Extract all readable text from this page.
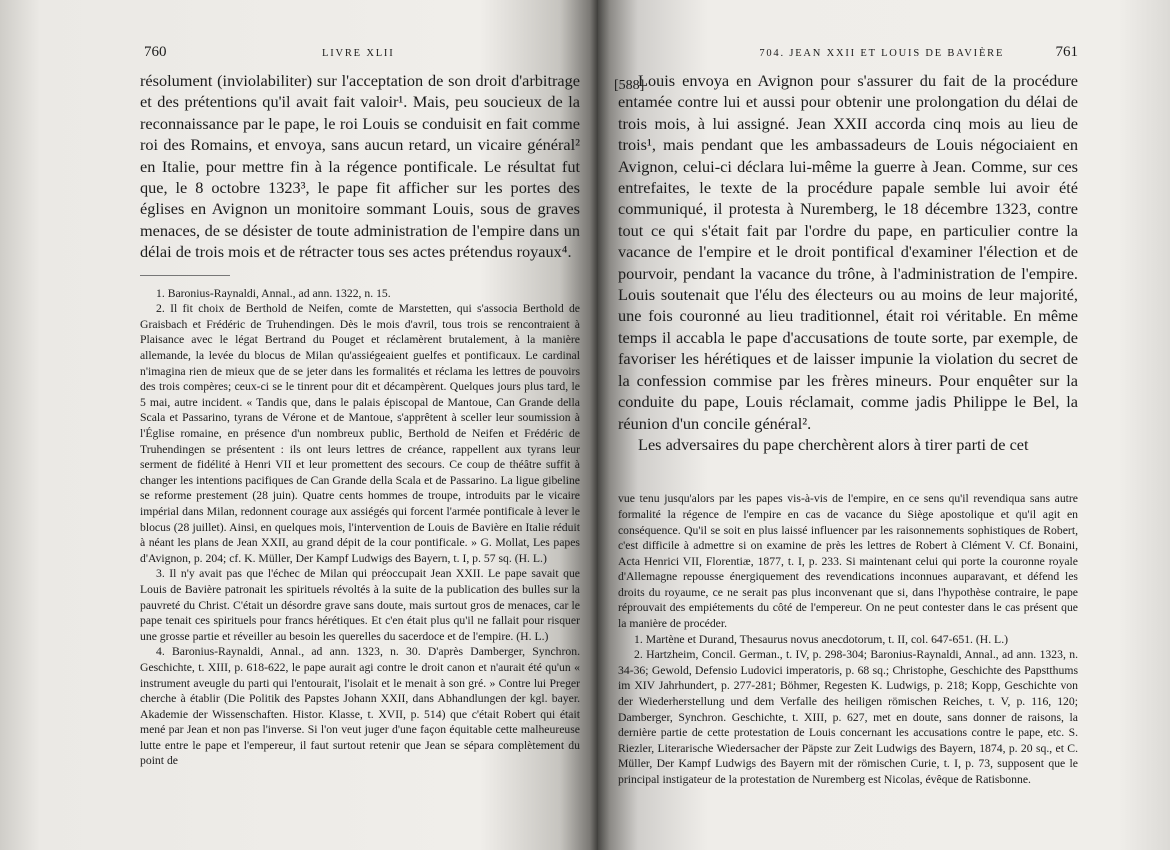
760	LIVRE XLII

résolument (inviolabiliter) sur l'acceptation de son droit d'arbitrage et des prétentions qu'il avait fait valoir¹. Mais, peu soucieux de la reconnaissance par le pape, le roi Louis se conduisit en fait comme roi des Romains, et envoya, sans aucun retard, un vicaire général² en Italie, pour mettre fin à la régence pontificale. Le résultat fut que, le 8 octobre 1323³, le pape fit afficher sur les portes des églises en Avignon un monitoire sommant Louis, sous de graves menaces, de se désister de toute administration de l'empire dans un délai de trois mois et de rétracter tous ses actes prétendus royaux⁴.

1. Baronius-Raynaldi, Annal., ad ann. 1322, n. 15.

2. Il fit choix de Berthold de Neifen, comte de Marstetten, qui s'associa Berthold de Graisbach et Frédéric de Truhendingen. Dès le mois d'avril, tous trois se rencontraient à Plaisance avec le légat Bertrand du Pouget et réclamèrent brutalement, à la manière allemande, la levée du blocus de Milan qu'assiégeaient guelfes et pontificaux. Le cardinal n'imagina rien de mieux que de se jeter dans les formalités et réclama les lettres de pouvoirs des trois compères; ceux-ci se le tinrent pour dit et décampèrent. Quelques jours plus tard, le 5 mai, autre incident. « Tandis que, dans le palais épiscopal de Mantoue, Can Grande della Scala et Passarino, tyrans de Vérone et de Mantoue, s'apprêtent à sceller leur soumission à l'Église romaine, en présence d'un nombreux public, Berthold de Neifen et Frédéric de Truhendingen se présentent : ils ont leurs lettres de créance, rappellent aux tyrans leur serment de fidélité à Henri VII et leur promettent des secours. Ce coup de théâtre suffit à changer les intentions pacifiques de Can Grande della Scala et de Passarino. La ligue gibeline se reforme prestement (28 juin). Quatre cents hommes de troupe, introduits par le vicaire impérial dans Milan, redonnent courage aux assiégés qui forcent l'armée pontificale à lever le blocus (28 juillet). Ainsi, en quelques mois, l'intervention de Louis de Bavière en Italie réduit à néant les plans de Jean XXII, au grand dépit de la cour pontificale. » G. Mollat, Les papes d'Avignon, p. 204; cf. K. Müller, Der Kampf Ludwigs des Bayern, t. I, p. 57 sq. (H. L.)

3. Il n'y avait pas que l'échec de Milan qui préoccupait Jean XXII. Le pape savait que Louis de Bavière patronait les spirituels révoltés à la suite de la publication des bulles sur la pauvreté du Christ. C'était un désordre grave sans doute, mais surtout gros de menaces, car le pape tenait ces spirituels pour francs hérétiques. Et c'en était plus qu'il ne fallait pour risquer une grosse partie et réveiller au besoin les querelles du sacerdoce et de l'empire. (H. L.)

4. Baronius-Raynaldi, Annal., ad ann. 1323, n. 30. D'après Damberger, Synchron. Geschichte, t. XIII, p. 618-622, le pape aurait agi contre le droit canon et n'aurait été qu'un « instrument aveugle du parti qui l'entourait, l'isolait et le menait à son gré. » Contre lui Preger cherche à établir (Die Politik des Papstes Johann XXII, dans Abhandlungen der kgl. bayer. Akademie der Wissenschaften. Histor. Klasse, t. XVII, p. 514) que c'était Robert qui était mené par Jean et non pas l'inverse. Si l'on veut juger d'une façon équitable cette malheureuse lutte entre le pape et l'empereur, il faut surtout retenir que Jean se sépara complètement du point de

[588]
704. JEAN XXII ET LOUIS DE BAVIÈRE	761

Louis envoya en Avignon pour s'assurer du fait de la procédure entamée contre lui et aussi pour obtenir une prolongation du délai de trois mois, à lui assigné. Jean XXII accorda cinq mois au lieu de trois¹, mais pendant que les ambassadeurs de Louis négociaient en Avignon, celui-ci déclara lui-même la guerre à Jean. Comme, sur ces entrefaites, le texte de la procédure papale semble lui avoir été communiqué, il protesta à Nuremberg, le 18 décembre 1323, contre tout ce qui s'était fait par l'ordre du pape, en particulier contre la vacance de l'empire et le droit pontifical d'examiner l'élection et de pourvoir, pendant la vacance du trône, à l'administration de l'empire. Louis soutenait que l'élu des électeurs ou au moins de leur majorité, une fois couronné au lieu traditionnel, était roi véritable. En même temps il accabla le pape d'accusations de toute sorte, par exemple, de favoriser les hérétiques et de laisser impunie la violation du secret de la confession commise par les frères mineurs. Pour enquêter sur la conduite du pape, Louis réclamait, comme jadis Philippe le Bel, la réunion d'un concile général².

Les adversaires du pape cherchèrent alors à tirer parti de cet

vue tenu jusqu'alors par les papes vis-à-vis de l'empire, en ce sens qu'il revendiqua sans autre formalité la régence de l'empire en cas de vacance du Siège apostolique et qu'il agit en conséquence. Qu'il se soit en plus laissé influencer par les raisonnements sophistiques de Robert, c'est difficile à admettre si on examine de près les lettres de Robert à Clément V. Cf. Bonaini, Acta Henrici VII, Florentiæ, 1877, t. I, p. 233. Si maintenant celui qui porte la couronne royale d'Allemagne repousse énergiquement des revendications inconnues auparavant, et défend les droits du royaume, ce ne serait pas plus inconvenant que si, dans l'hypothèse contraire, le pape réprouvait des empiétements du côté de l'empereur. On ne peut contester dans le cas présent que la manière de procéder.

1. Martène et Durand, Thesaurus novus anecdotorum, t. II, col. 647-651. (H. L.)

2. Hartzheim, Concil. German., t. IV, p. 298-304; Baronius-Raynaldi, Annal., ad ann. 1323, n. 34-36; Gewold, Defensio Ludovici imperatoris, p. 68 sq.; Christophe, Geschichte des Papstthums im XIV Jahrhundert, p. 277-281; Böhmer, Regesten K. Ludwigs, p. 218; Kopp, Geschichte von der Wiederherstellung und dem Verfalle des heiligen römischen Reiches, t. V, p. 116, 120; Damberger, Synchron. Geschichte, t. XIII, p. 627, met en doute, sans donner de raisons, la dernière partie de cette protestation de Louis concernant les accusations contre le pape, etc. S. Riezler, Literarische Wiedersacher der Päpste zur Zeit Ludwigs des Bayern, 1874, p. 20 sq., et C. Müller, Der Kampf Ludwigs des Bayern mit der römischen Curie, t. I, p. 73, supposent que le principal instigateur de la protestation de Nuremberg est Nicolas, évêque de Ratisbonne.
